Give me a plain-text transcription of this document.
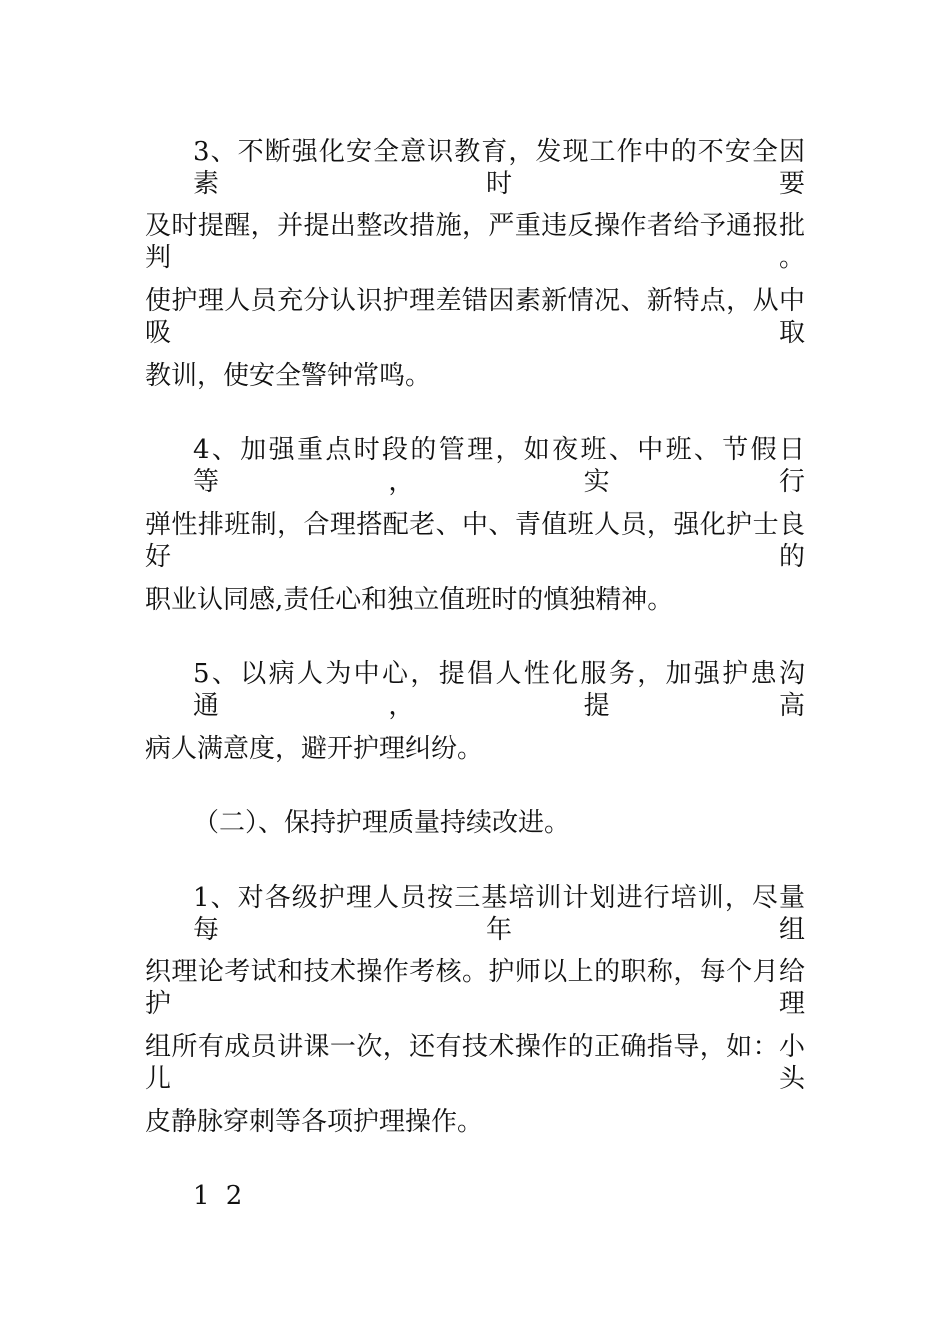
3、不断强化安全意识教育，发现工作中的不安全因素时要
及时提醒，并提出整改措施，严重违反操作者给予通报批判。
使护理人员充分认识护理差错因素新情况、新特点，从中吸取
教训，使安全警钟常鸣。
4、加强重点时段的管理，如夜班、中班、节假日等，实行
弹性排班制，合理搭配老、中、青值班人员，强化护士良好的
职业认同感,责任心和独立值班时的慎独精神。
5、以病人为中心，提倡人性化服务，加强护患沟通，提高
病人满意度，避开护理纠纷。
（二）、保持护理质量持续改进。
1、对各级护理人员按三基培训计划进行培训，尽量每年组
织理论考试和技术操作考核。护师以上的职称，每个月给护理
组所有成员讲课一次，还有技术操作的正确指导，如：小儿头
皮静脉穿刺等各项护理操作。
1 2
